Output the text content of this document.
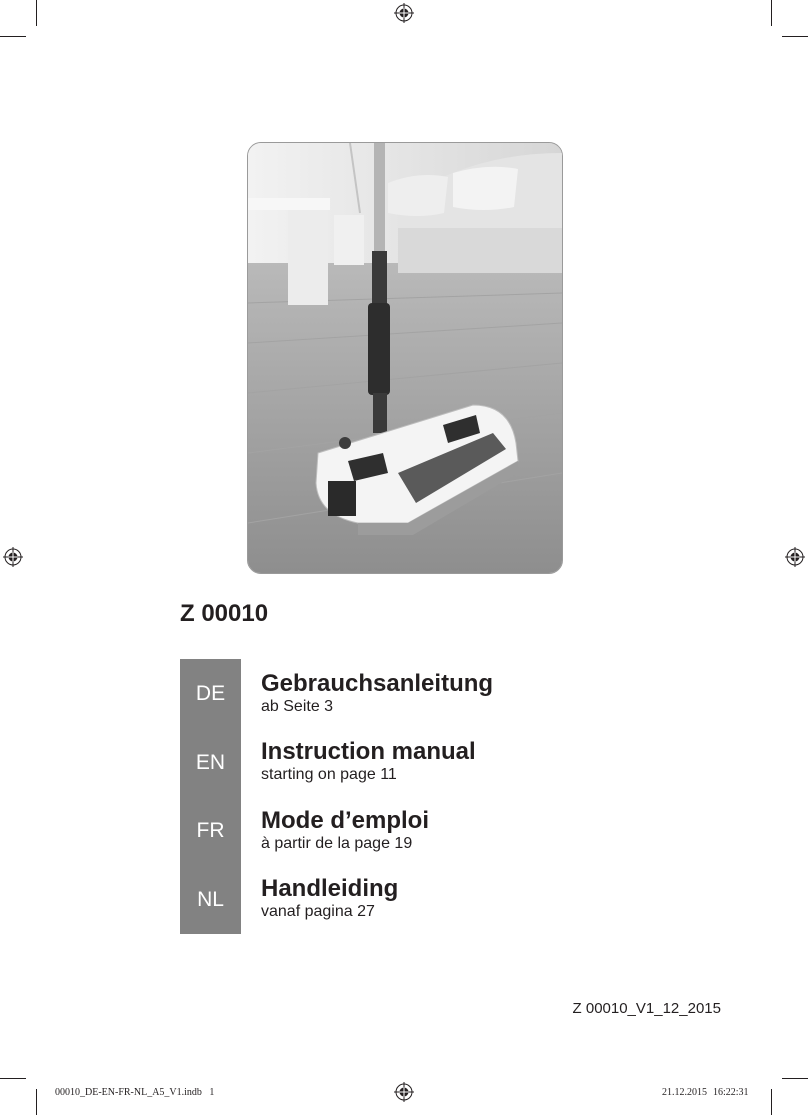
Z 00010
DE
EN
FR
NL
Gebrauchsanleitung
ab Seite 3
Instruction manual
starting on page 11
Mode d’emploi
à partir de la page 19
Handleiding
vanaf pagina 27
Z 00010_V1_12_2015
00010_DE-EN-FR-NL_A5_V1.indb   1	21.12.2015 16:22:31
